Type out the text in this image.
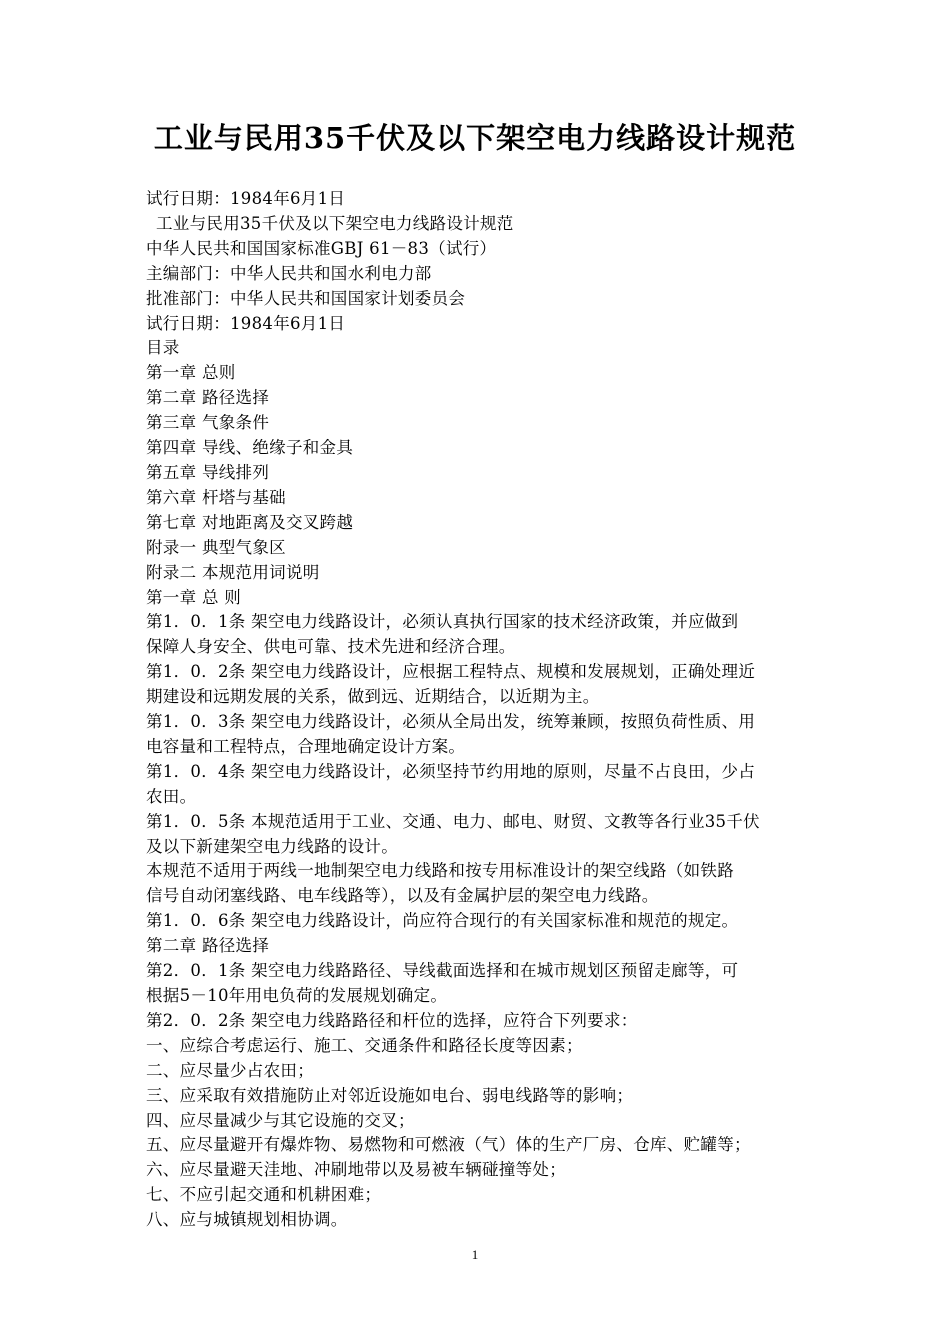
工业与民用35千伏及以下架空电力线路设计规范
试行日期：1984年6月1日
工业与民用35千伏及以下架空电力线路设计规范
中华人民共和国国家标准GBJ 61－83（试行）
主编部门：中华人民共和国水利电力部
批准部门：中华人民共和国国家计划委员会
试行日期：1984年6月1日
目录
第一章 总则
第二章 路径选择
第三章 气象条件
第四章 导线、绝缘子和金具
第五章 导线排列
第六章 杆塔与基础
第七章 对地距离及交叉跨越
附录一 典型气象区
附录二 本规范用词说明
第一章 总 则
第1．0．1条 架空电力线路设计，必须认真执行国家的技术经济政策，并应做到
保障人身安全、供电可靠、技术先进和经济合理。
第1．0．2条 架空电力线路设计，应根据工程特点、规模和发展规划，正确处理近
期建设和远期发展的关系，做到远、近期结合，以近期为主。
第1．0．3条 架空电力线路设计，必须从全局出发，统筹兼顾，按照负荷性质、用
电容量和工程特点，合理地确定设计方案。
第1．0．4条 架空电力线路设计，必须坚持节约用地的原则，尽量不占良田，少占
农田。
第1．0．5条 本规范适用于工业、交通、电力、邮电、财贸、文教等各行业35千伏
及以下新建架空电力线路的设计。
本规范不适用于两线一地制架空电力线路和按专用标准设计的架空线路（如铁路
信号自动闭塞线路、电车线路等），以及有金属护层的架空电力线路。
第1．0．6条 架空电力线路设计，尚应符合现行的有关国家标准和规范的规定。
第二章 路径选择
第2．0．1条 架空电力线路路径、导线截面选择和在城市规划区预留走廊等，可
根据5－10年用电负荷的发展规划确定。
第2．0．2条 架空电力线路路径和杆位的选择，应符合下列要求：
一、应综合考虑运行、施工、交通条件和路径长度等因素；
二、应尽量少占农田；
三、应采取有效措施防止对邻近设施如电台、弱电线路等的影响；
四、应尽量减少与其它设施的交叉；
五、应尽量避开有爆炸物、易燃物和可燃液（气）体的生产厂房、仓库、贮罐等；
六、应尽量避天洼地、冲刷地带以及易被车辆碰撞等处；
七、不应引起交通和机耕困难；
八、应与城镇规划相协调。
1
